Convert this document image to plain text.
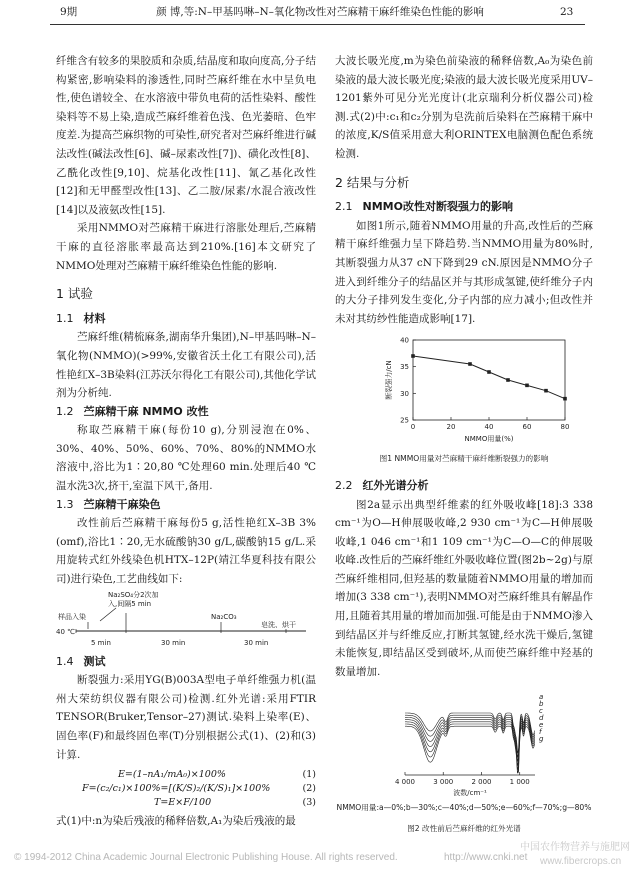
9期	颜 博,等:N–甲基吗啉–N–氧化物改性对苎麻精干麻纤维染色性能的影响	23

纤维含有较多的果胶质和杂质,结晶度和取向度高,分子结构紧密,影响染料的渗透性,同时苎麻纤维在水中呈负电性,使色谱较全、在水溶液中带负电荷的活性染料、酸性染料等不易上染,造成苎麻纤维着色浅、色光萎暗、色牢度差.为提高苎麻织物的可染性,研究者对苎麻纤维进行碱法改性(碱法改性[6]、碱–尿素改性[7])、磺化改性[8]、乙酰化改性[9,10]、烷基化改性[11]、氰乙基化改性[12]和无甲醛型改性[13]、乙二胺/尿素/水混合液改性[14]以及液氨改性[15].

采用NMMO对苎麻精干麻进行溶胀处理后,苎麻精干麻的直径溶胀率最高达到210%.[16]本文研究了NMMO处理对苎麻精干麻纤维染色性能的影响.

1 试验
1.1 材料

苎麻纤维(精梳麻条,湖南华升集团),N–甲基吗啉–N–氧化物(NMMO)(>99%,安徽省沃土化工有限公司),活性艳红X–3B染料(江苏沃尔得化工有限公司),其他化学试剂为分析纯.

1.2 苎麻精干麻 NMMO 改性

称取苎麻精干麻(每份10 g),分别浸泡在0%、30%、40%、50%、60%、70%、80%的NMMO水溶液中,浴比为1∶20,80 ℃处理60 min.处理后40 ℃温水洗3次,挤干,室温下风干,备用.

1.3 苎麻精干麻染色

改性前后苎麻精干麻每份5 g,活性艳红X–3B 3%(omf),浴比1∶20,无水硫酸钠30 g/L,碳酸钠15 g/L.采用旋转式红外线染色机HTX–12P(靖江华夏科技有限公司)进行染色,工艺曲线如下:

Na₂SO₄分2次加
入,间隔5 min
样品入染	Na₂CO₃
40 ℃
5 min	30 min	30 min
皂洗、烘干
1.4 测试

断裂强力:采用YG(B)003A型电子单纤维强力机(温州大荣纺织仪器有限公司)检测.红外光谱:采用FTIR TENSOR(Bruker,Tensor–27)测试.染料上染率(E)、固色率(F)和最终固色率(T)分别根据公式(1)、(2)和(3)计算.

E=(1–nA₁/mA₀)×100%	(1)
F=(c₂/c₁)×100%=[(K/S)₂/(K/S)₁]×100%	(2)
T=E×F/100	(3)

式(1)中:n为染后残液的稀释倍数,A₁为染后残液的最

大波长吸光度,m为染色前染液的稀释倍数,A₀为染色前染液的最大波长吸光度;染液的最大波长吸光度采用UV–1201紫外可见分光光度计(北京瑞利分析仪器公司)检测.式(2)中:c₁和c₂分别为皂洗前后染料在苎麻精干麻中的浓度,K/S值采用意大利ORINTEX电脑测色配色系统检测.

2 结果与分析
2.1 NMMO改性对断裂强力的影响

如图1所示,随着NMMO用量的升高,改性后的苎麻精干麻纤维强力呈下降趋势.当NMMO用量为80%时,其断裂强力从37 cN下降到29 cN.原因是NMMO分子进入到纤维分子的结晶区并与其形成氢键,使纤维分子内的大分子排列发生变化,分子内部的应力减小;但改性并未对其纺纱性能造成影响[17].

0	20	40	60	80
25
30
35
40
NMMO用量(%)
断裂强力/cN
图1 NMMO用量对苎麻精干麻纤维断裂强力的影响
2.2 红外光谱分析

图2a显示出典型纤维素的红外吸收峰[18]:3 338 cm⁻¹为O—H伸展吸收峰,2 930 cm⁻¹为C—H伸展吸收峰,1 046 cm⁻¹和1 109 cm⁻¹为C—O—C的伸展吸收峰.改性后的苎麻纤维红外吸收峰位置(图2b~2g)与原苎麻纤维相同,但羟基的数量随着NMMO用量的增加而增加(3 338 cm⁻¹),表明NMMO对苎麻纤维具有解晶作用,且随着其用量的增加而加强.可能是由于NMMO渗入到结晶区并与纤维反应,打断其氢键,经水洗干燥后,氢键未能恢复,即结晶区受到破坏,从而使苎麻纤维中羟基的数量增加.

1 000
2 000
3 000
4 000
波数/cm⁻¹
a
b
c
d
e
f
g
NMMO用量:a—0%;b—30%;c—40%;d—50%;e—60%;f—70%;g—80%
图2 改性前后苎麻纤维的红外光谱
© 1994-2012 China Academic Journal Electronic Publishing House. All rights reserved.	http://www.cnki.net
中国农作物营养与施肥网
www.fibercrops.cn
